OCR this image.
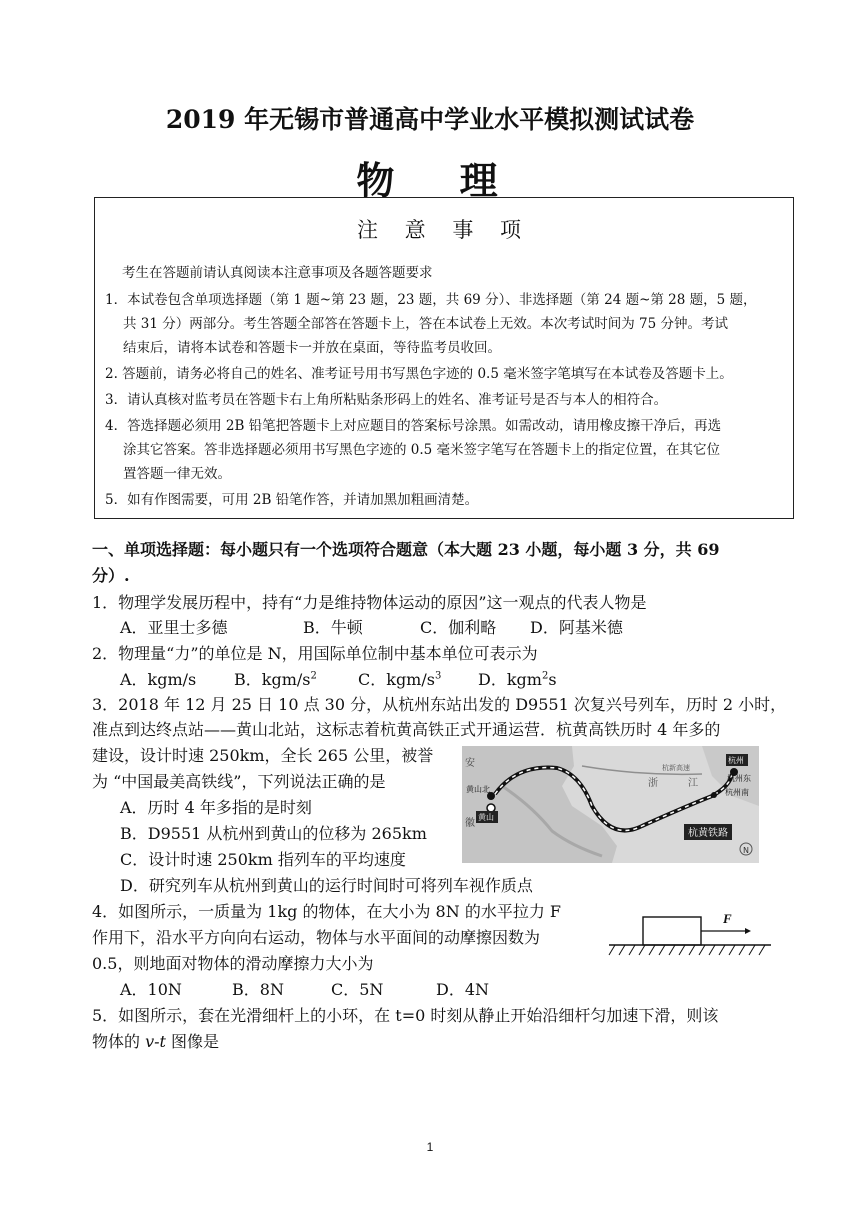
2019 年无锡市普通高中学业水平模拟测试试卷
物 理
注 意 事 项
考生在答题前请认真阅读本注意事项及各题答题要求
1．本试卷包含单项选择题（第 1 题~第 23 题，23 题，共 69 分）、非选择题（第 24 题~第 28 题，5 题，
共 31 分）两部分。考生答题全部答在答题卡上，答在本试卷上无效。本次考试时间为 75 分钟。考试
结束后，请将本试卷和答题卡一并放在桌面，等待监考员收回。
2. 答题前，请务必将自己的姓名、准考证号用书写黑色字迹的 0.5 毫米签字笔填写在本试卷及答题卡上。
3．请认真核对监考员在答题卡右上角所粘贴条形码上的姓名、准考证号是否与本人的相符合。
4．答选择题必须用 2B 铅笔把答题卡上对应题目的答案标号涂黑。如需改动，请用橡皮擦干净后，再选
涂其它答案。答非选择题必须用书写黑色字迹的 0.5 毫米签字笔写在答题卡上的指定位置，在其它位
置答题一律无效。
5．如有作图需要，可用 2B 铅笔作答，并请加黑加粗画清楚。
一、单项选择题：每小题只有一个选项符合题意（本大题 23 小题，每小题 3 分，共 69
分）.
1．物理学发展历程中，持有“力是维持物体运动的原因”这一观点的代表人物是
A．亚里士多德	B．牛顿	C．伽利略 D．阿基米德
2．物理量“力”的单位是 N，用国际单位制中基本单位可表示为
A．kgm/s B．kgm/$s^2$	C．kgm/$s^3$ D．kgm$^2$s
3．2018 年 12 月 25 日 10 点 30 分，从杭州东站出发的 D9551 次复兴号列车，历时 2 小时，
准点到达终点站——黄山北站，这标志着杭黄高铁正式开通运营．杭黄高铁历时 4 年多的
建设，设计时速 250km，全长 265 公里，被誉
为 “中国最美高铁线”，下列说法正确的是
A．历时 4 年多指的是时刻
B．D9551 从杭州到黄山的位移为 265km
C．设计时速 250km 指列车的平均速度
D．研究列车从杭州到黄山的运行时间时可将列车视作质点
安
徽
黄山北
黄山
杭州
杭州东
杭州南
浙	江
杭新高速
杭黄铁路
N
4．如图所示，一质量为 1kg 的物体，在大小为 8N 的水平拉力 F
作用下，沿水平方向向右运动，物体与水平面间的动摩擦因数为
0.5，则地面对物体的滑动摩擦力大小为
A．10N	B．8N	C．5N	D．4N
F
5．如图所示，套在光滑细杆上的小环，在 t=0 时刻从静止开始沿细杆匀加速下滑，则该
物体的 v-t 图像是
1
